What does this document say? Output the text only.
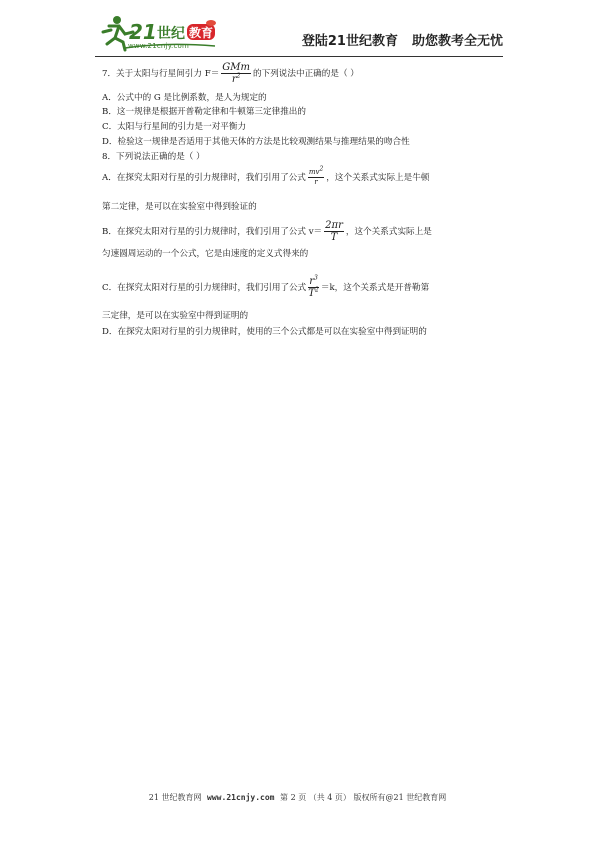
21 世纪 教育
www.21cnjy.com	登陆21世纪教育 助您教考全无忧
7．关于太阳与行星间引力 $F= \frac{\text{GMm}}{r^2}$ 的下列说法中正确的是（ ）
A．公式中的 G 是比例系数，是人为规定的
B．这一规律是根据开普勒定律和牛顿第三定律推出的
C．太阳与行星间的引力是一对平衡力
D．检验这一规律是否适用于其他天体的方法是比较观测结果与推理结果的吻合性
8．下列说法正确的是（ ）
A．在探究太阳对行星的引力规律时，我们引用了公式 $\frac{mv^2}{r}$ ，这个关系式实际上是牛顿
第二定律，是可以在实验室中得到验证的
B．在探究太阳对行星的引力规律时，我们引用了公式 $v= \frac{2\pi r}{T}$ ，这个关系式实际上是
匀速圆周运动的一个公式，它是由速度的定义式得来的
C．在探究太阳对行星的引力规律时，我们引用了公式 $\frac{r^3}{T^2} =k$，这个关系式是开普勒第
三定律，是可以在实验室中得到证明的
D．在探究太阳对行星的引力规律时，使用的三个公式都是可以在实验室中得到证明的
21 世纪教育网 www.21cnjy.com 第 2 页 （共 4 页） 版权所有@21 世纪教育网
